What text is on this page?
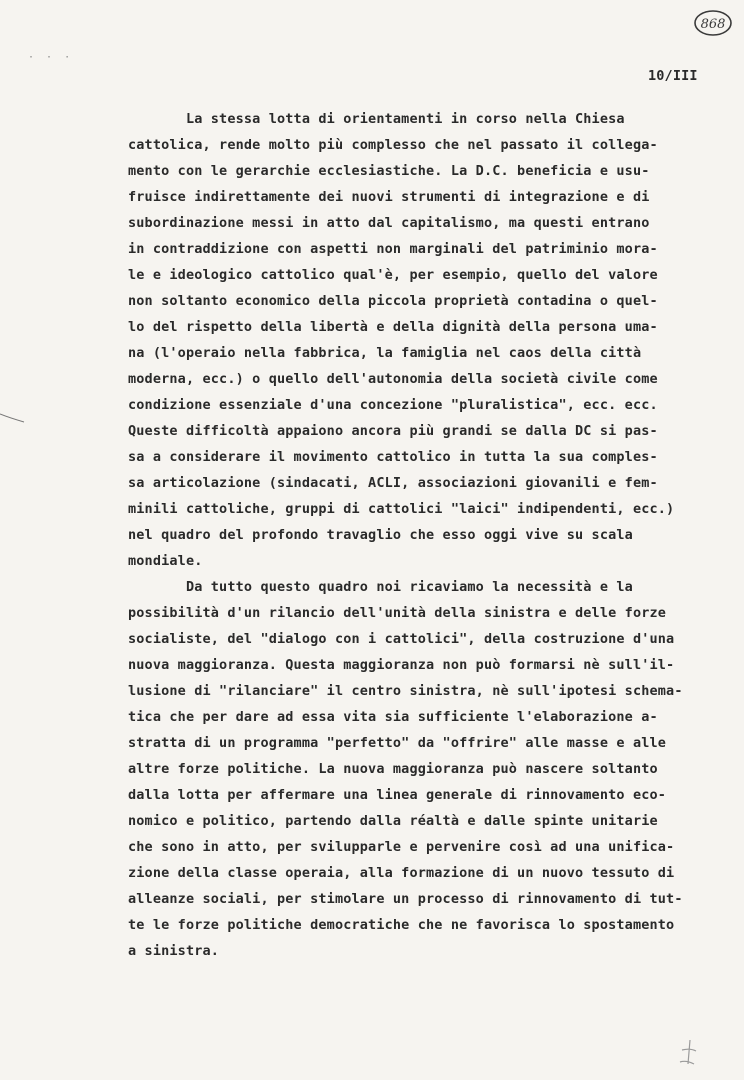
868
· · ·
10/III
La stessa lotta di orientamenti in corso nella Chiesa
cattolica, rende molto più complesso che nel passato il collega-
mento con le gerarchie ecclesiastiche. La D.C. beneficia e usu-
fruisce indirettamente dei nuovi strumenti di integrazione e di
subordinazione messi in atto dal capitalismo, ma questi entrano
in contraddizione con aspetti non marginali del patriminio mora-
le e ideologico cattolico qual'è, per esempio, quello del valore
non soltanto economico della piccola proprietà contadina o quel-
lo del rispetto della libertà e della dignità della persona uma-
na (l'operaio nella fabbrica, la famiglia nel caos della città
moderna, ecc.) o quello dell'autonomia della società civile come
condizione essenziale d'una concezione "pluralistica", ecc. ecc.
Queste difficoltà appaiono ancora più grandi se dalla DC si pas-
sa a considerare il movimento cattolico in tutta la sua comples-
sa articolazione (sindacati, ACLI, associazioni giovanili e fem-
minili cattoliche, gruppi di cattolici "laici" indipendenti, ecc.)
nel quadro del profondo travaglio che esso oggi vive su scala
mondiale.
Da tutto questo quadro noi ricaviamo la necessità e la
possibilità d'un rilancio dell'unità della sinistra e delle forze
socialiste, del "dialogo con i cattolici", della costruzione d'una
nuova maggioranza. Questa maggioranza non può formarsi nè sull'il-
lusione di "rilanciare" il centro sinistra, nè sull'ipotesi schema-
tica che per dare ad essa vita sia sufficiente l'elaborazione a-
stratta di un programma "perfetto" da "offrire" alle masse e alle
altre forze politiche. La nuova maggioranza può nascere soltanto
dalla lotta per affermare una linea generale di rinnovamento eco-
nomico e politico, partendo dalla réaltà e dalle spinte unitarie
che sono in atto, per svilupparle e pervenire così ad una unifica-
zione della classe operaia, alla formazione di un nuovo tessuto di
alleanze sociali, per stimolare un processo di rinnovamento di tut-
te le forze politiche democratiche che ne favorisca lo spostamento
a sinistra.
